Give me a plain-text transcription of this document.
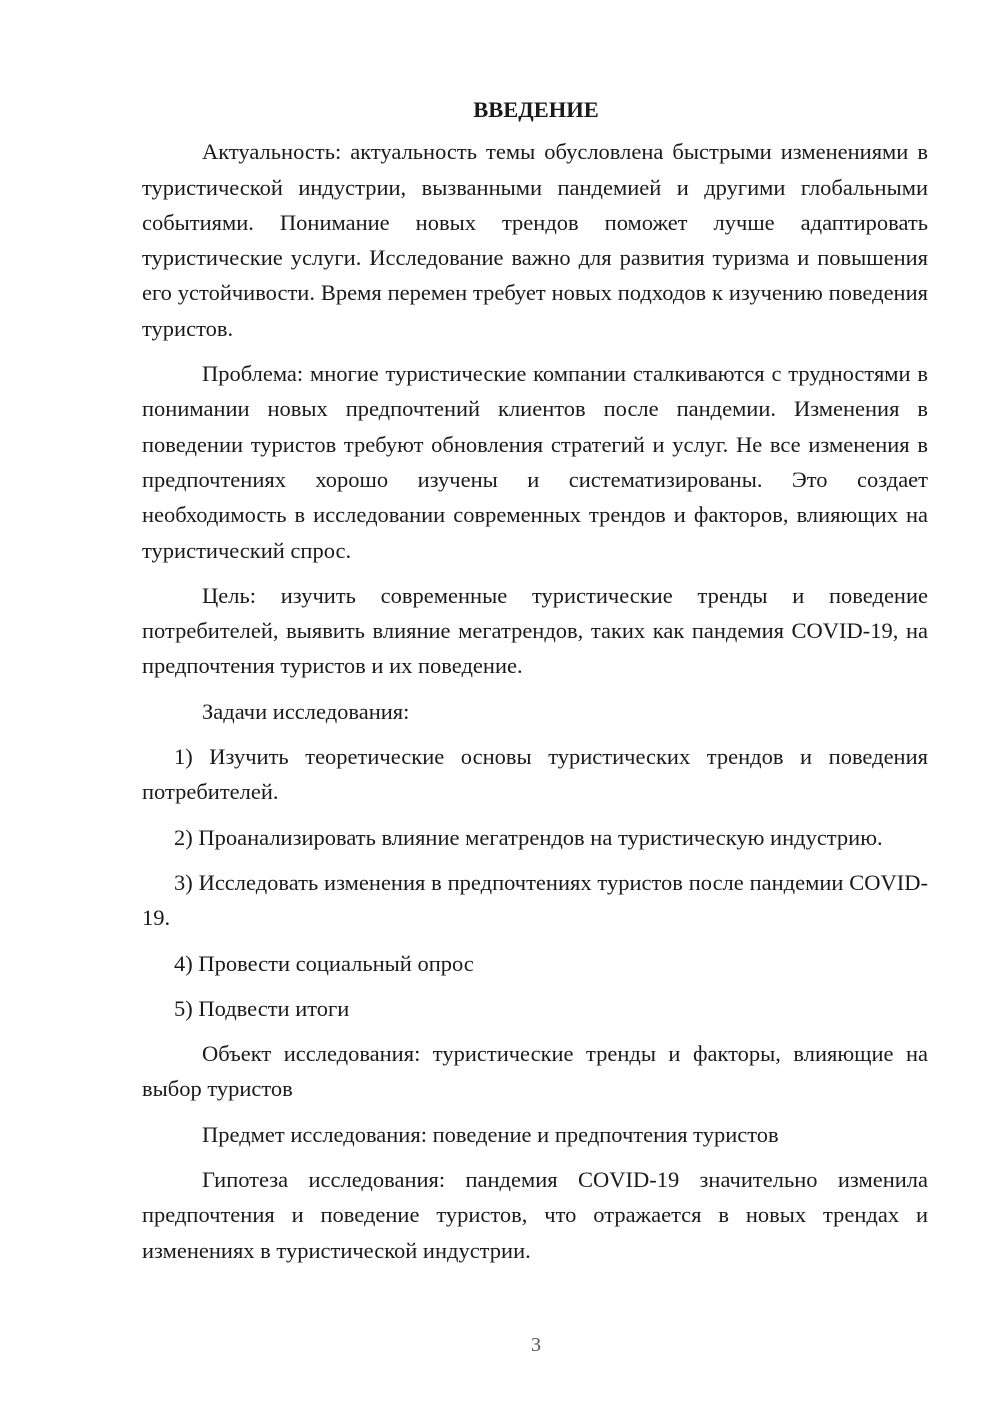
ВВЕДЕНИЕ

Актуальность: актуальность темы обусловлена быстрыми изменениями в туристической индустрии, вызванными пандемией и другими глобальными событиями. Понимание новых трендов поможет лучше адаптировать туристические услуги. Исследование важно для развития туризма и повышения его устойчивости. Время перемен требует новых подходов к изучению поведения туристов.

Проблема: многие туристические компании сталкиваются с трудностями в понимании новых предпочтений клиентов после пандемии. Изменения в поведении туристов требуют обновления стратегий и услуг. Не все изменения в предпочтениях хорошо изучены и систематизированы. Это создает необходимость в исследовании современных трендов и факторов, влияющих на туристический спрос.

Цель: изучить современные туристические тренды и поведение потребителей, выявить влияние мегатрендов, таких как пандемия COVID-19, на предпочтения туристов и их поведение.

Задачи исследования:

1) Изучить теоретические основы туристических трендов и поведения потребителей.

2) Проанализировать влияние мегатрендов на туристическую индустрию.

3) Исследовать изменения в предпочтениях туристов после пандемии COVID-19.

4) Провести социальный опрос

5) Подвести итоги

Объект исследования: туристические тренды и факторы, влияющие на выбор туристов

Предмет исследования: поведение и предпочтения туристов

Гипотеза исследования: пандемия COVID-19 значительно изменила предпочтения и поведение туристов, что отражается в новых трендах и изменениях в туристической индустрии.

3
